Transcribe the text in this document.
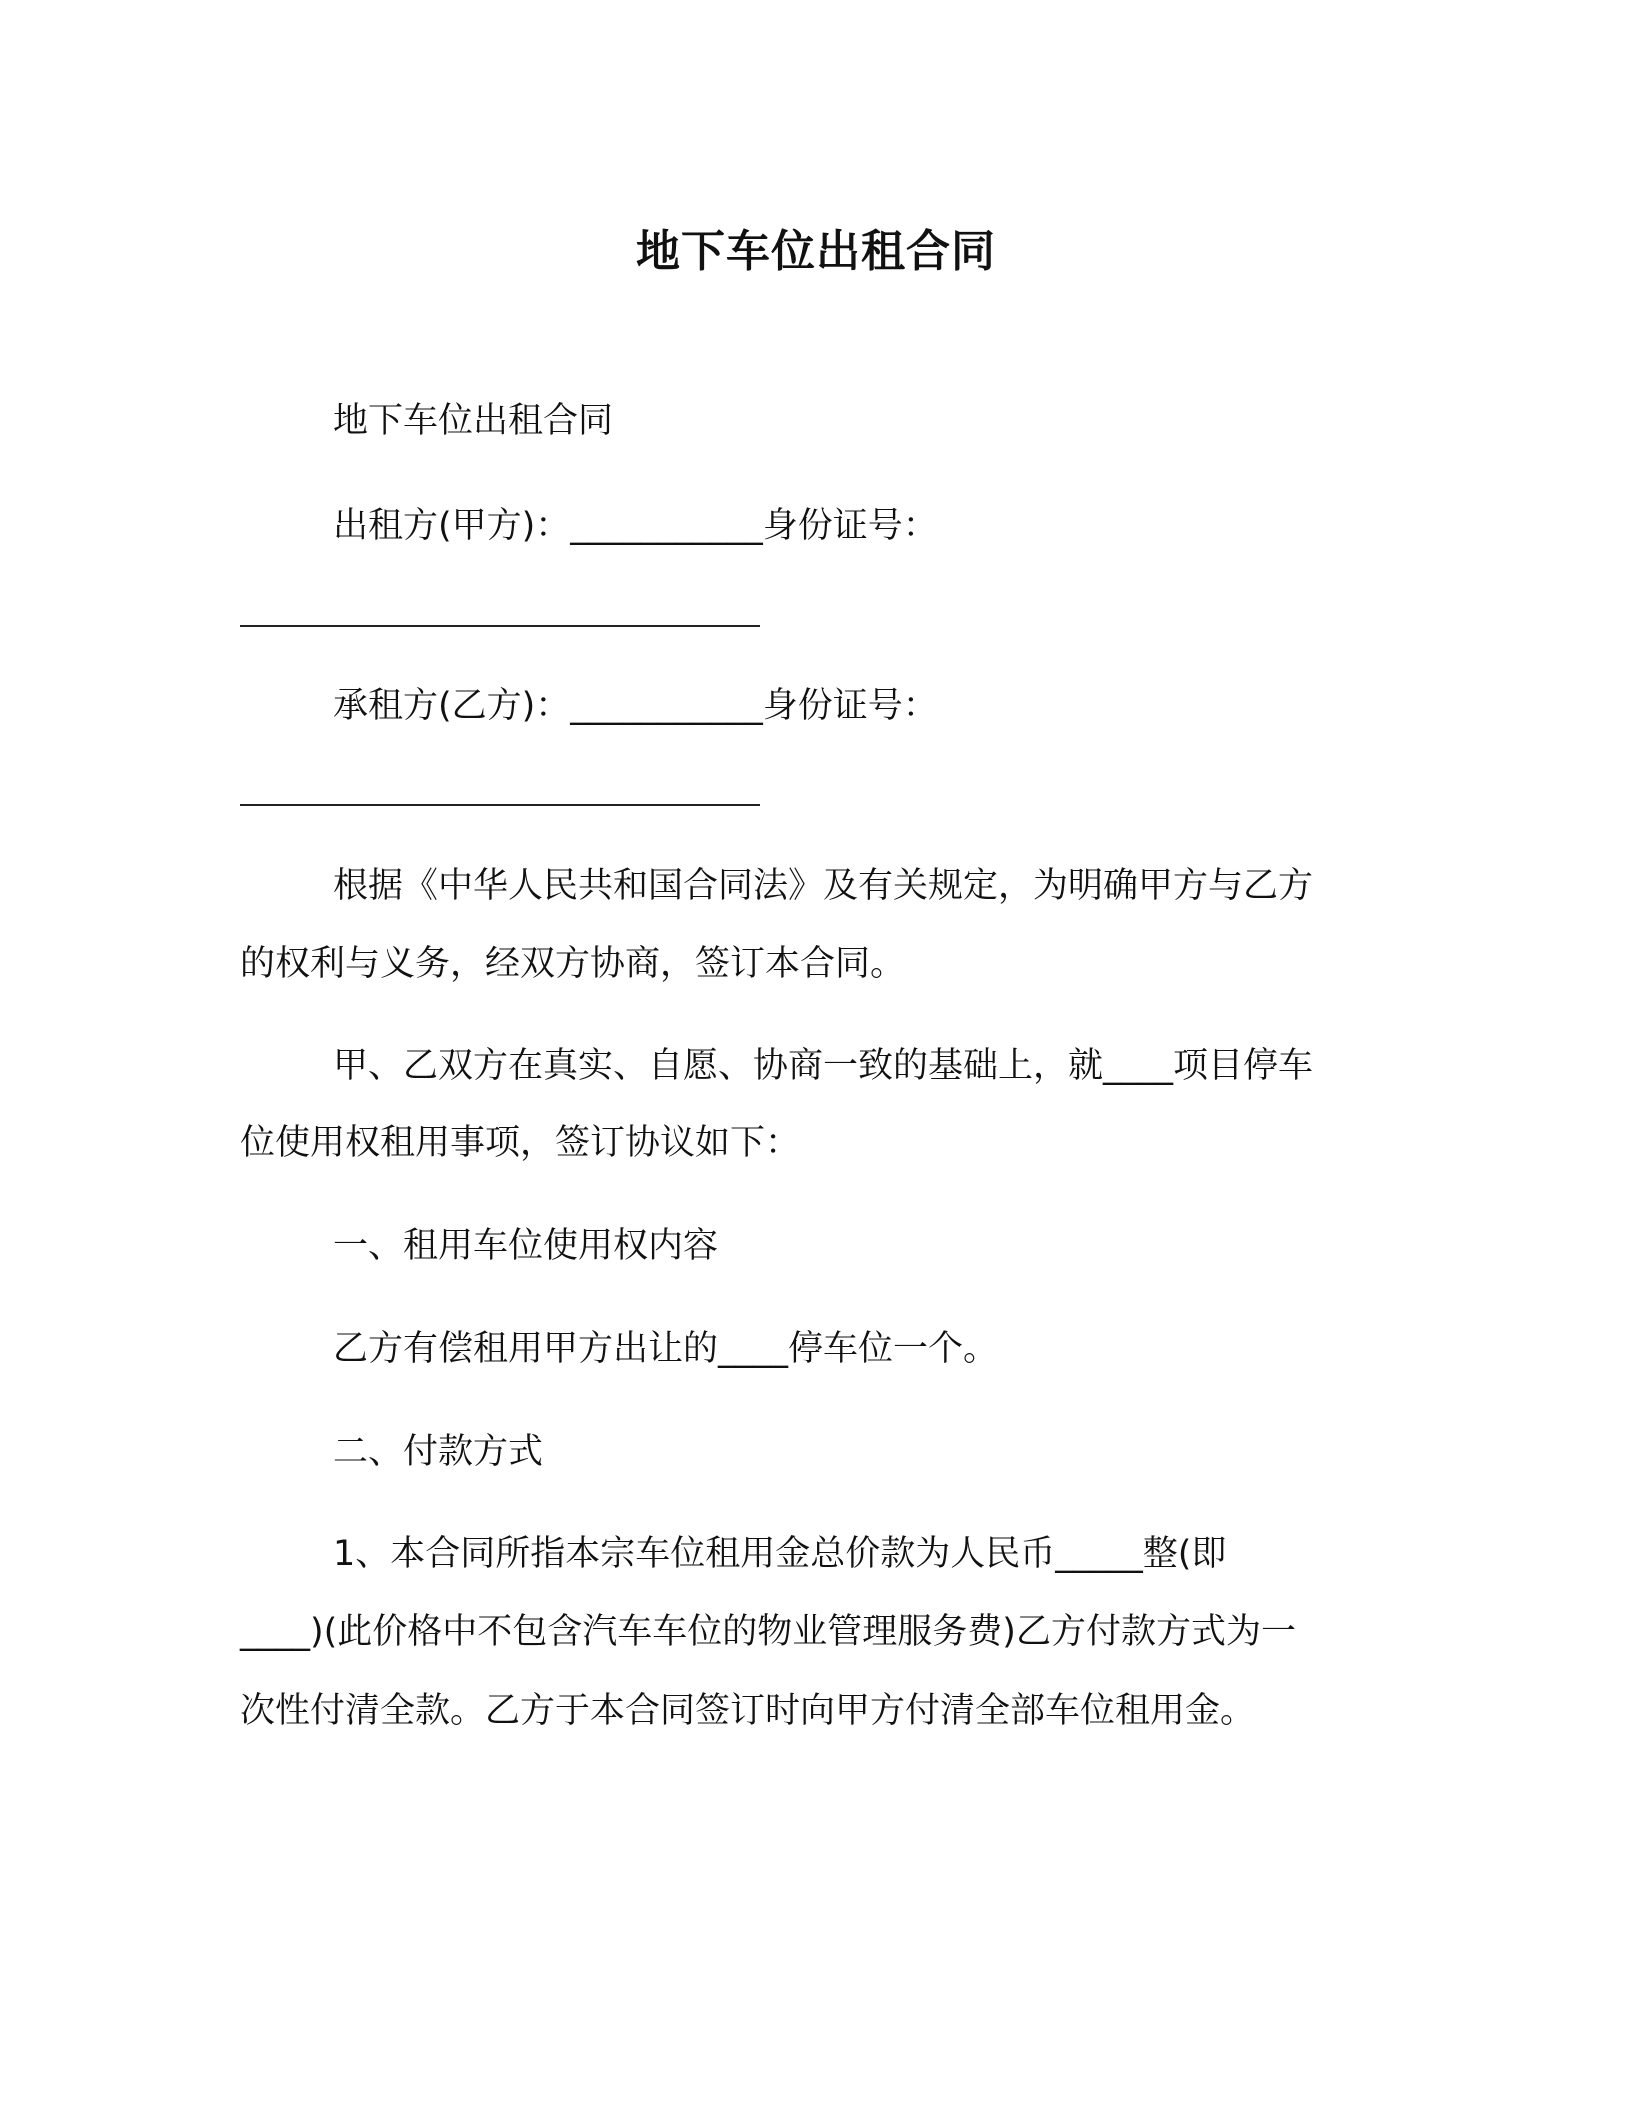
地下车位出租合同
地下车位出租合同
出租方(甲方)：___________身份证号：
承租方(乙方)：___________身份证号：
根据《中华人民共和国合同法》及有关规定，为明确甲方与乙方
的权利与义务，经双方协商，签订本合同。
甲、乙双方在真实、自愿、协商一致的基础上，就____项目停车
位使用权租用事项，签订协议如下：
一、租用车位使用权内容
乙方有偿租用甲方出让的____停车位一个。
二、付款方式
1、本合同所指本宗车位租用金总价款为人民币_____整(即
____)(此价格中不包含汽车车位的物业管理服务费)乙方付款方式为一
次性付清全款。乙方于本合同签订时向甲方付清全部车位租用金。
